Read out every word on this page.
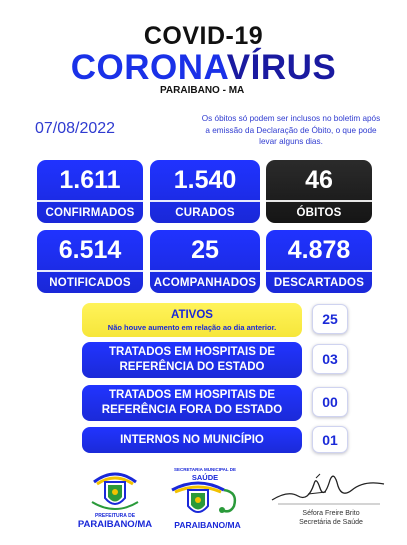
COVID-19
CORONAVÍRUS
PARAIBANO - MA
07/08/2022
Os óbitos só podem ser inclusos no boletim após a emissão da Declaração de Óbito, o que pode levar alguns dias.
1.611
CONFIRMADOS
1.540
CURADOS
46
ÓBITOS
6.514
NOTIFICADOS
25
ACOMPANHADOS
4.878
DESCARTADOS
ATIVOS
Não houve aumento em relação ao dia anterior.	25
TRATADOS EM HOSPITAIS DE
REFERÊNCIA DO ESTADO	03
TRATADOS EM HOSPITAIS DE
REFERÊNCIA FORA DO ESTADO	00
INTERNOS NO MUNICÍPIO	01
PREFEITURA DE
PARAIBANO/MA
SECRETARIA MUNICIPAL DE
SAÚDE
PARAIBANO/MA
Séfora Freire Brito
Secretária de Saúde
